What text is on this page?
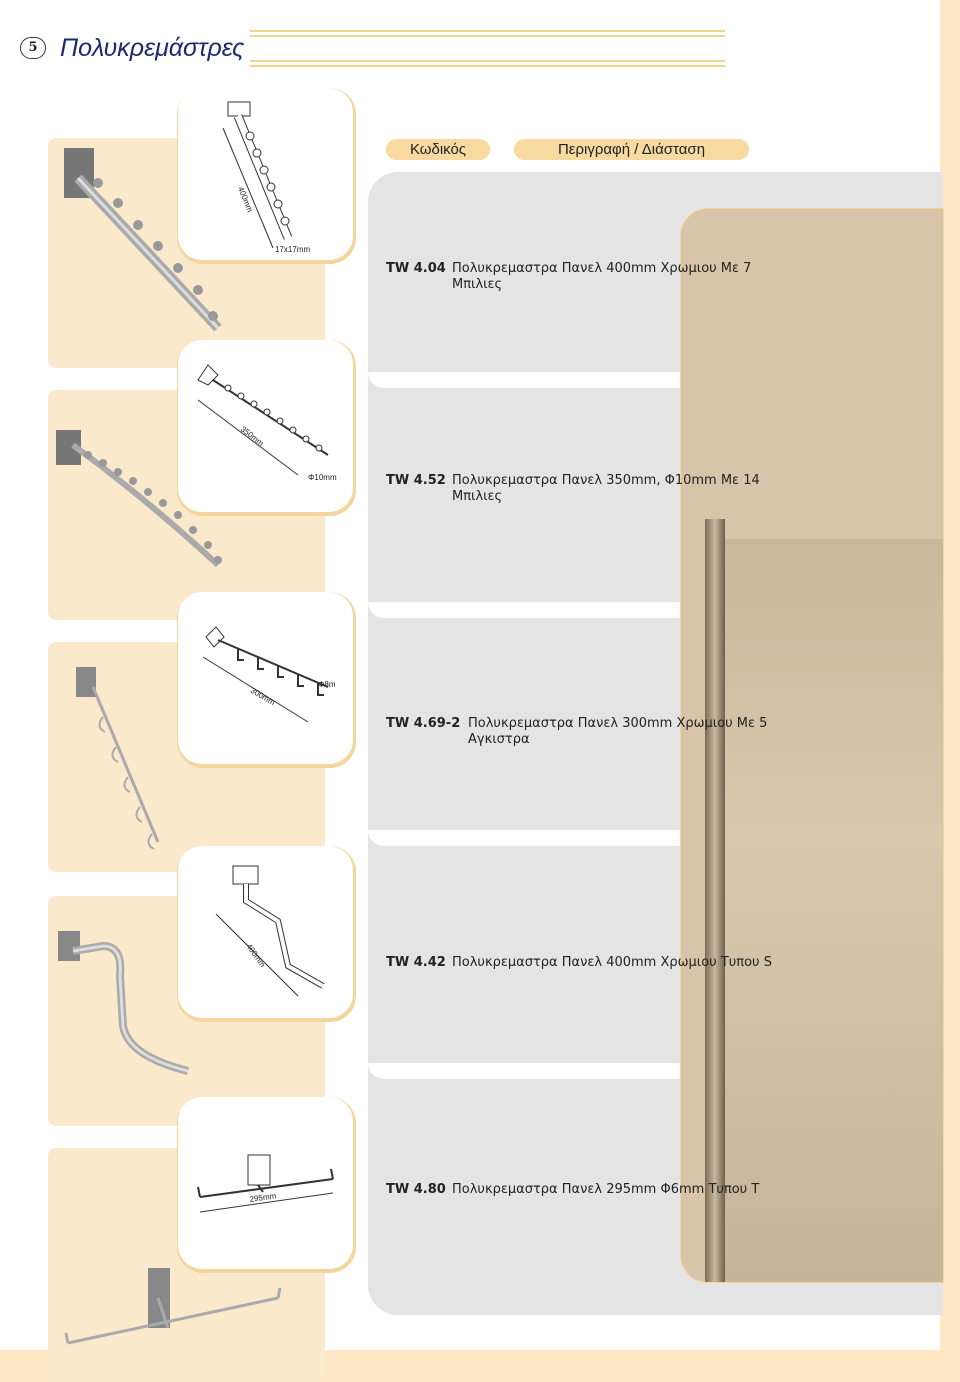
5 Πολυκρεμάστρες
Κωδικός	Περιγραφή / Διάσταση
400mm
17x17mm
350mm
Φ10mm
300mm
Φ8m
400mm
295mm
TW 4.04 Πολυκρεμαστρα Πανελ 400mm Χρωμιου Με 7 Μπιλιες
TW 4.52 Πολυκρεμαστρα Πανελ 350mm, Φ10mm Με 14 Μπιλιες
TW 4.69-2 Πολυκρεμαστρα Πανελ 300mm Χρωμιου Με 5 Αγκιστρα
TW 4.42 Πολυκρεμαστρα Πανελ 400mm Χρωμιου Τυπου S
TW 4.80 Πολυκρεμαστρα Πανελ 295mm Φ6mm Τυπου T
